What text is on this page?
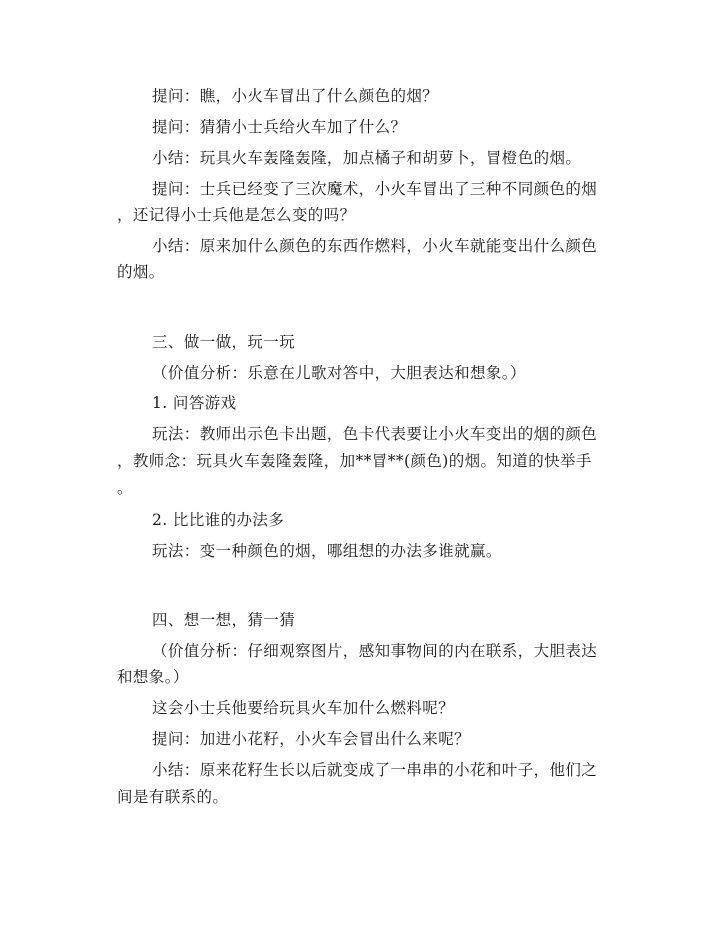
提问：瞧，小火车冒出了什么颜色的烟？
提问：猜猜小士兵给火车加了什么？
小结：玩具火车轰隆轰隆，加点橘子和胡萝卜，冒橙色的烟。
提问：士兵已经变了三次魔术，小火车冒出了三种不同颜色的烟
，还记得小士兵他是怎么变的吗？
小结：原来加什么颜色的东西作燃料，小火车就能变出什么颜色
的烟。
三、做一做，玩一玩
（价值分析：乐意在儿歌对答中，大胆表达和想象。）
1. 问答游戏
玩法：教师出示色卡出题，色卡代表要让小火车变出的烟的颜色
，教师念：玩具火车轰隆轰隆，加**冒**(颜色)的烟。知道的快举手
。
2. 比比谁的办法多
玩法：变一种颜色的烟，哪组想的办法多谁就赢。
四、想一想，猜一猜
（价值分析：仔细观察图片，感知事物间的内在联系，大胆表达
和想象。）
这会小士兵他要给玩具火车加什么燃料呢？
提问：加进小花籽，小火车会冒出什么来呢？
小结：原来花籽生长以后就变成了一串串的小花和叶子，他们之
间是有联系的。
